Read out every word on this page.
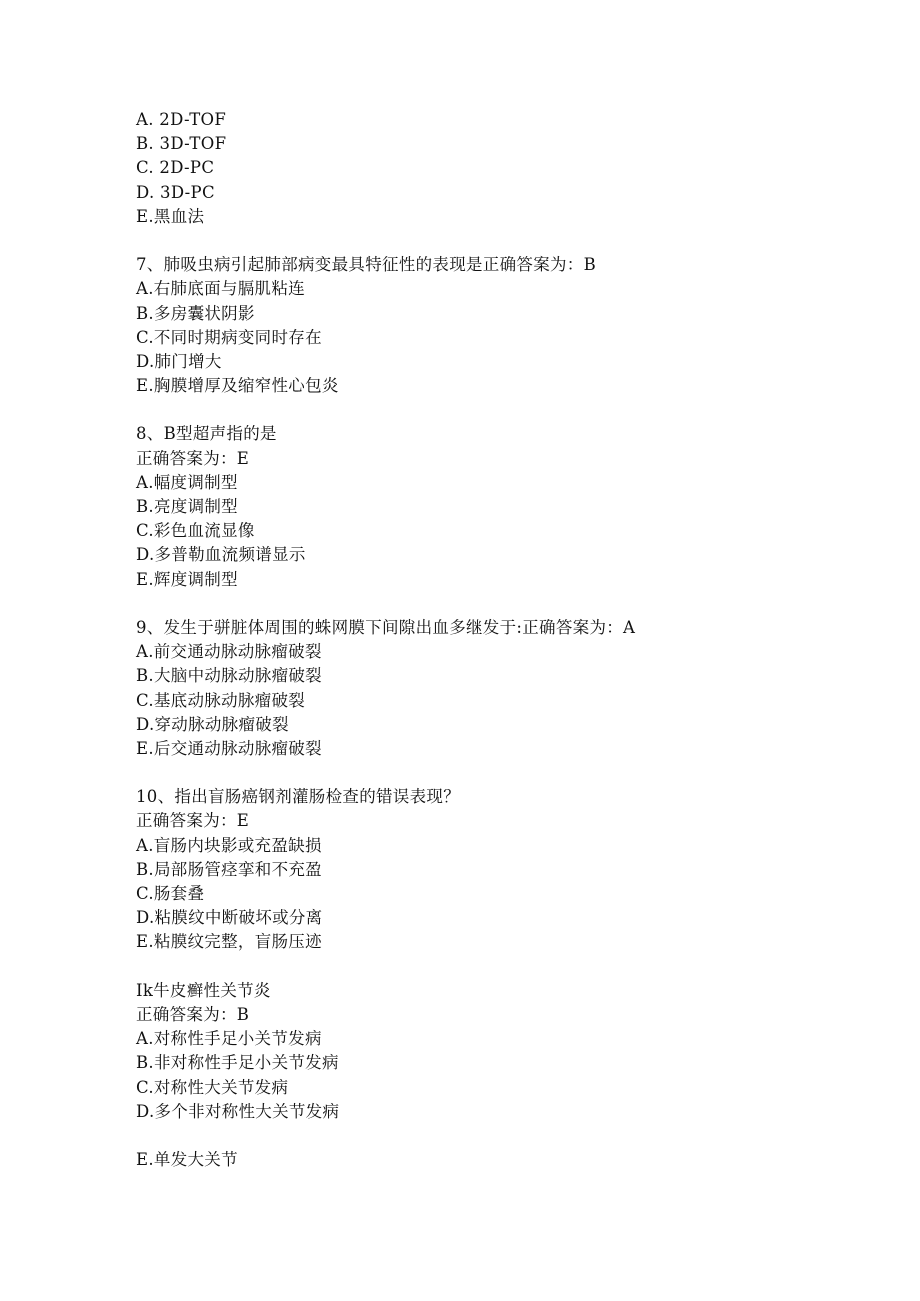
A. 2D-TOF
B. 3D-TOF
C. 2D-PC
D. 3D-PC
E.黑血法
7、肺吸虫病引起肺部病变最具特征性的表现是正确答案为：B
A.右肺底面与膈肌粘连
B.多房囊状阴影
C.不同时期病变同时存在
D.肺门增大
E.胸膜增厚及缩窄性心包炎
8、B型超声指的是
正确答案为：E
A.幅度调制型
B.亮度调制型
C.彩色血流显像
D.多普勒血流频谱显示
E.辉度调制型
9、发生于骈脏体周围的蛛网膜下间隙出血多继发于:正确答案为：A
A.前交通动脉动脉瘤破裂
B.大脑中动脉动脉瘤破裂
C.基底动脉动脉瘤破裂
D.穿动脉动脉瘤破裂
E.后交通动脉动脉瘤破裂
10、指出盲肠癌钢剂灌肠检查的错误表现？
正确答案为：E
A.盲肠内块影或充盈缺损
B.局部肠管痉挛和不充盈
C.肠套叠
D.粘膜纹中断破坏或分离
E.粘膜纹完整，盲肠压迹
Ik牛皮癣性关节炎
正确答案为：B
A.对称性手足小关节发病
B.非对称性手足小关节发病
C.对称性大关节发病
D.多个非对称性大关节发病
E.单发大关节
